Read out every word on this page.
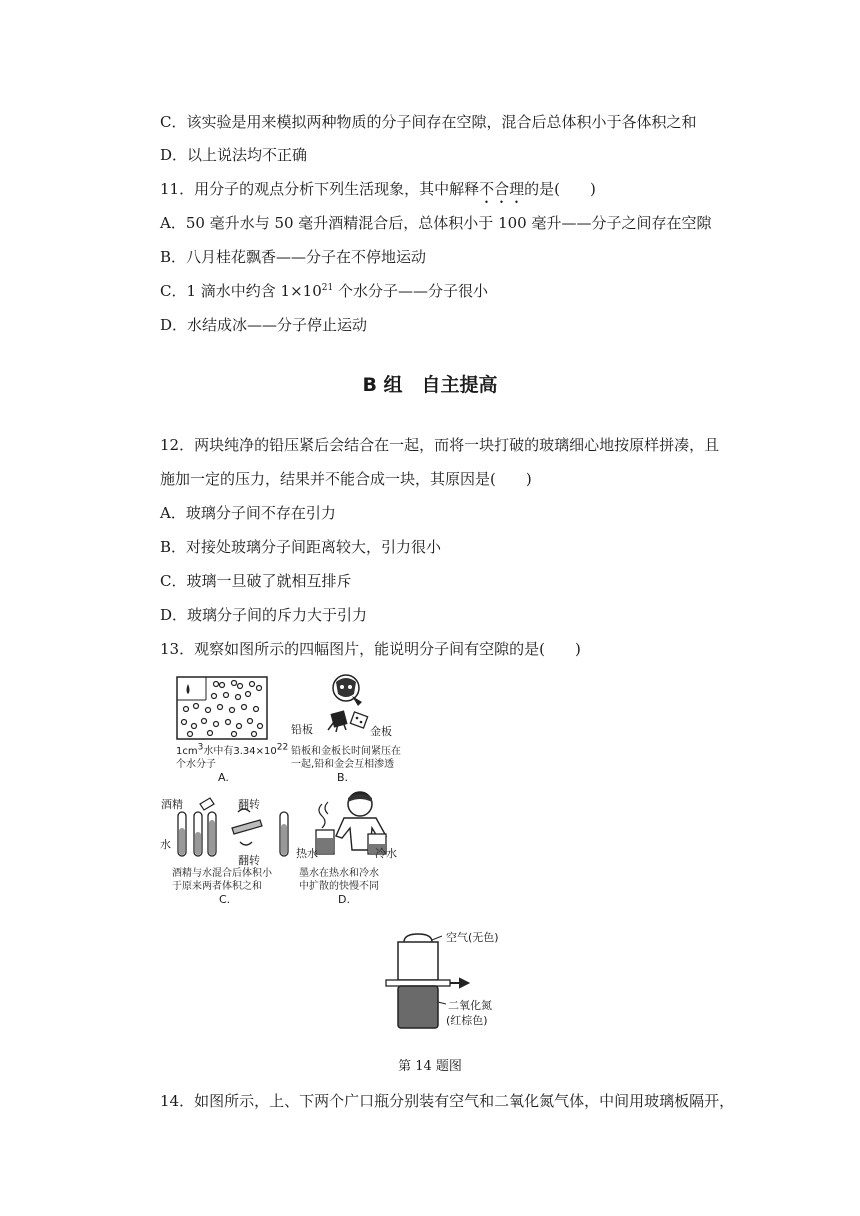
C．该实验是用来模拟两种物质的分子间存在空隙，混合后总体积小于各体积之和
D．以上说法均不正确
11．用分子的观点分析下列生活现象，其中解释不合理的是(　　)
A．50 毫升水与 50 毫升酒精混合后，总体积小于 100 毫升——分子之间存在空隙
B．八月桂花飘香——分子在不停地运动
C．1 滴水中约含 $1\times 10^{21}$ 个水分子——分子很小
D．水结成冰——分子停止运动
B 组　自主提高
12．两块纯净的铅压紧后会结合在一起，而将一块打破的玻璃细心地按原样拼凑，且施加一定的压力，结果并不能合成一块，其原因是(　　)
A．玻璃分子间不存在引力
B．对接处玻璃分子间距离较大，引力很小
C．玻璃一旦破了就相互排斥
D．玻璃分子间的斥力大于引力
13．观察如图所示的四幅图片，能说明分子间有空隙的是(　　)
$1cm^3$水中有$3.34\times 10^{22}$
个水分子
A.
铅板	金板
铅板和金板长时间紧压在
一起,铅和金会互相渗透
B.
酒精
水
翻转
翻转
酒精与水混合后体积小
于原来两者体积之和
C.
热水	冷水
墨水在热水和冷水
中扩散的快慢不同
D.
空气(无色)
二氧化氮
(红棕色)
第 14 题图
14．如图所示，上、下两个广口瓶分别装有空气和二氧化氮气体，中间用玻璃板隔开，
